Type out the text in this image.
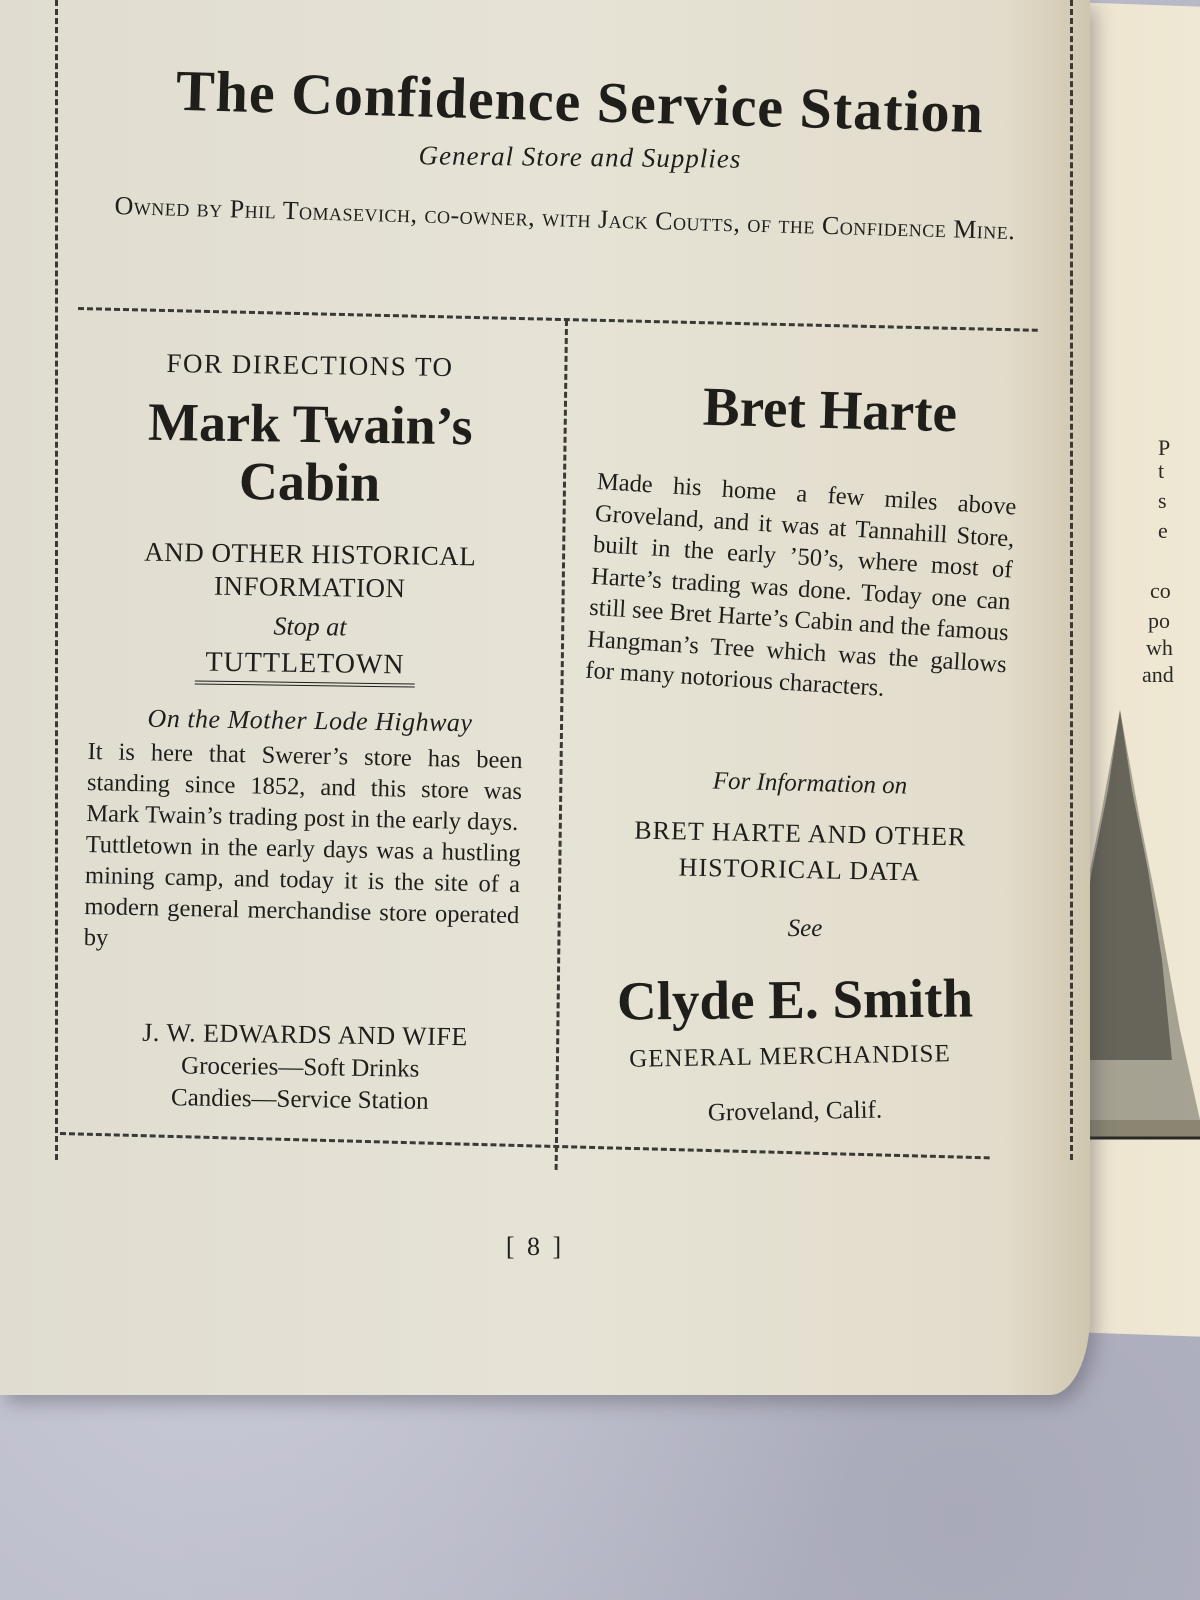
P
t
s
e
co
po
wh
and
The Confidence Service Station
General Store and Supplies
Owned by Phil Tomasevich, co-owner, with Jack Coutts, of the Confidence Mine.
FOR DIRECTIONS TO
Mark Twain’s
Cabin
AND OTHER HISTORICAL
INFORMATION
Stop at
TUTTLETOWN
On the Mother Lode Highway

It is here that Swerer’s store has been standing since 1852, and this store was Mark Twain’s trading post in the early days.

Tuttletown in the early days was a hustling mining camp, and today it is the site of a modern general merchandise store operated by

J. W. EDWARDS AND WIFE
Groceries—Soft Drinks
Candies—Service Station
Bret Harte
Made his home a few miles above Groveland, and it was at Tannahill Store, built in the early ’50’s, where most of Harte’s trading was done. Today one can still see Bret Harte’s Cabin and the famous Hangman’s Tree which was the gallows for many notorious characters.
For Information on
BRET HARTE AND OTHER
HISTORICAL DATA
See
Clyde E. Smith
GENERAL MERCHANDISE
Groveland, Calif.
[ 8 ]
